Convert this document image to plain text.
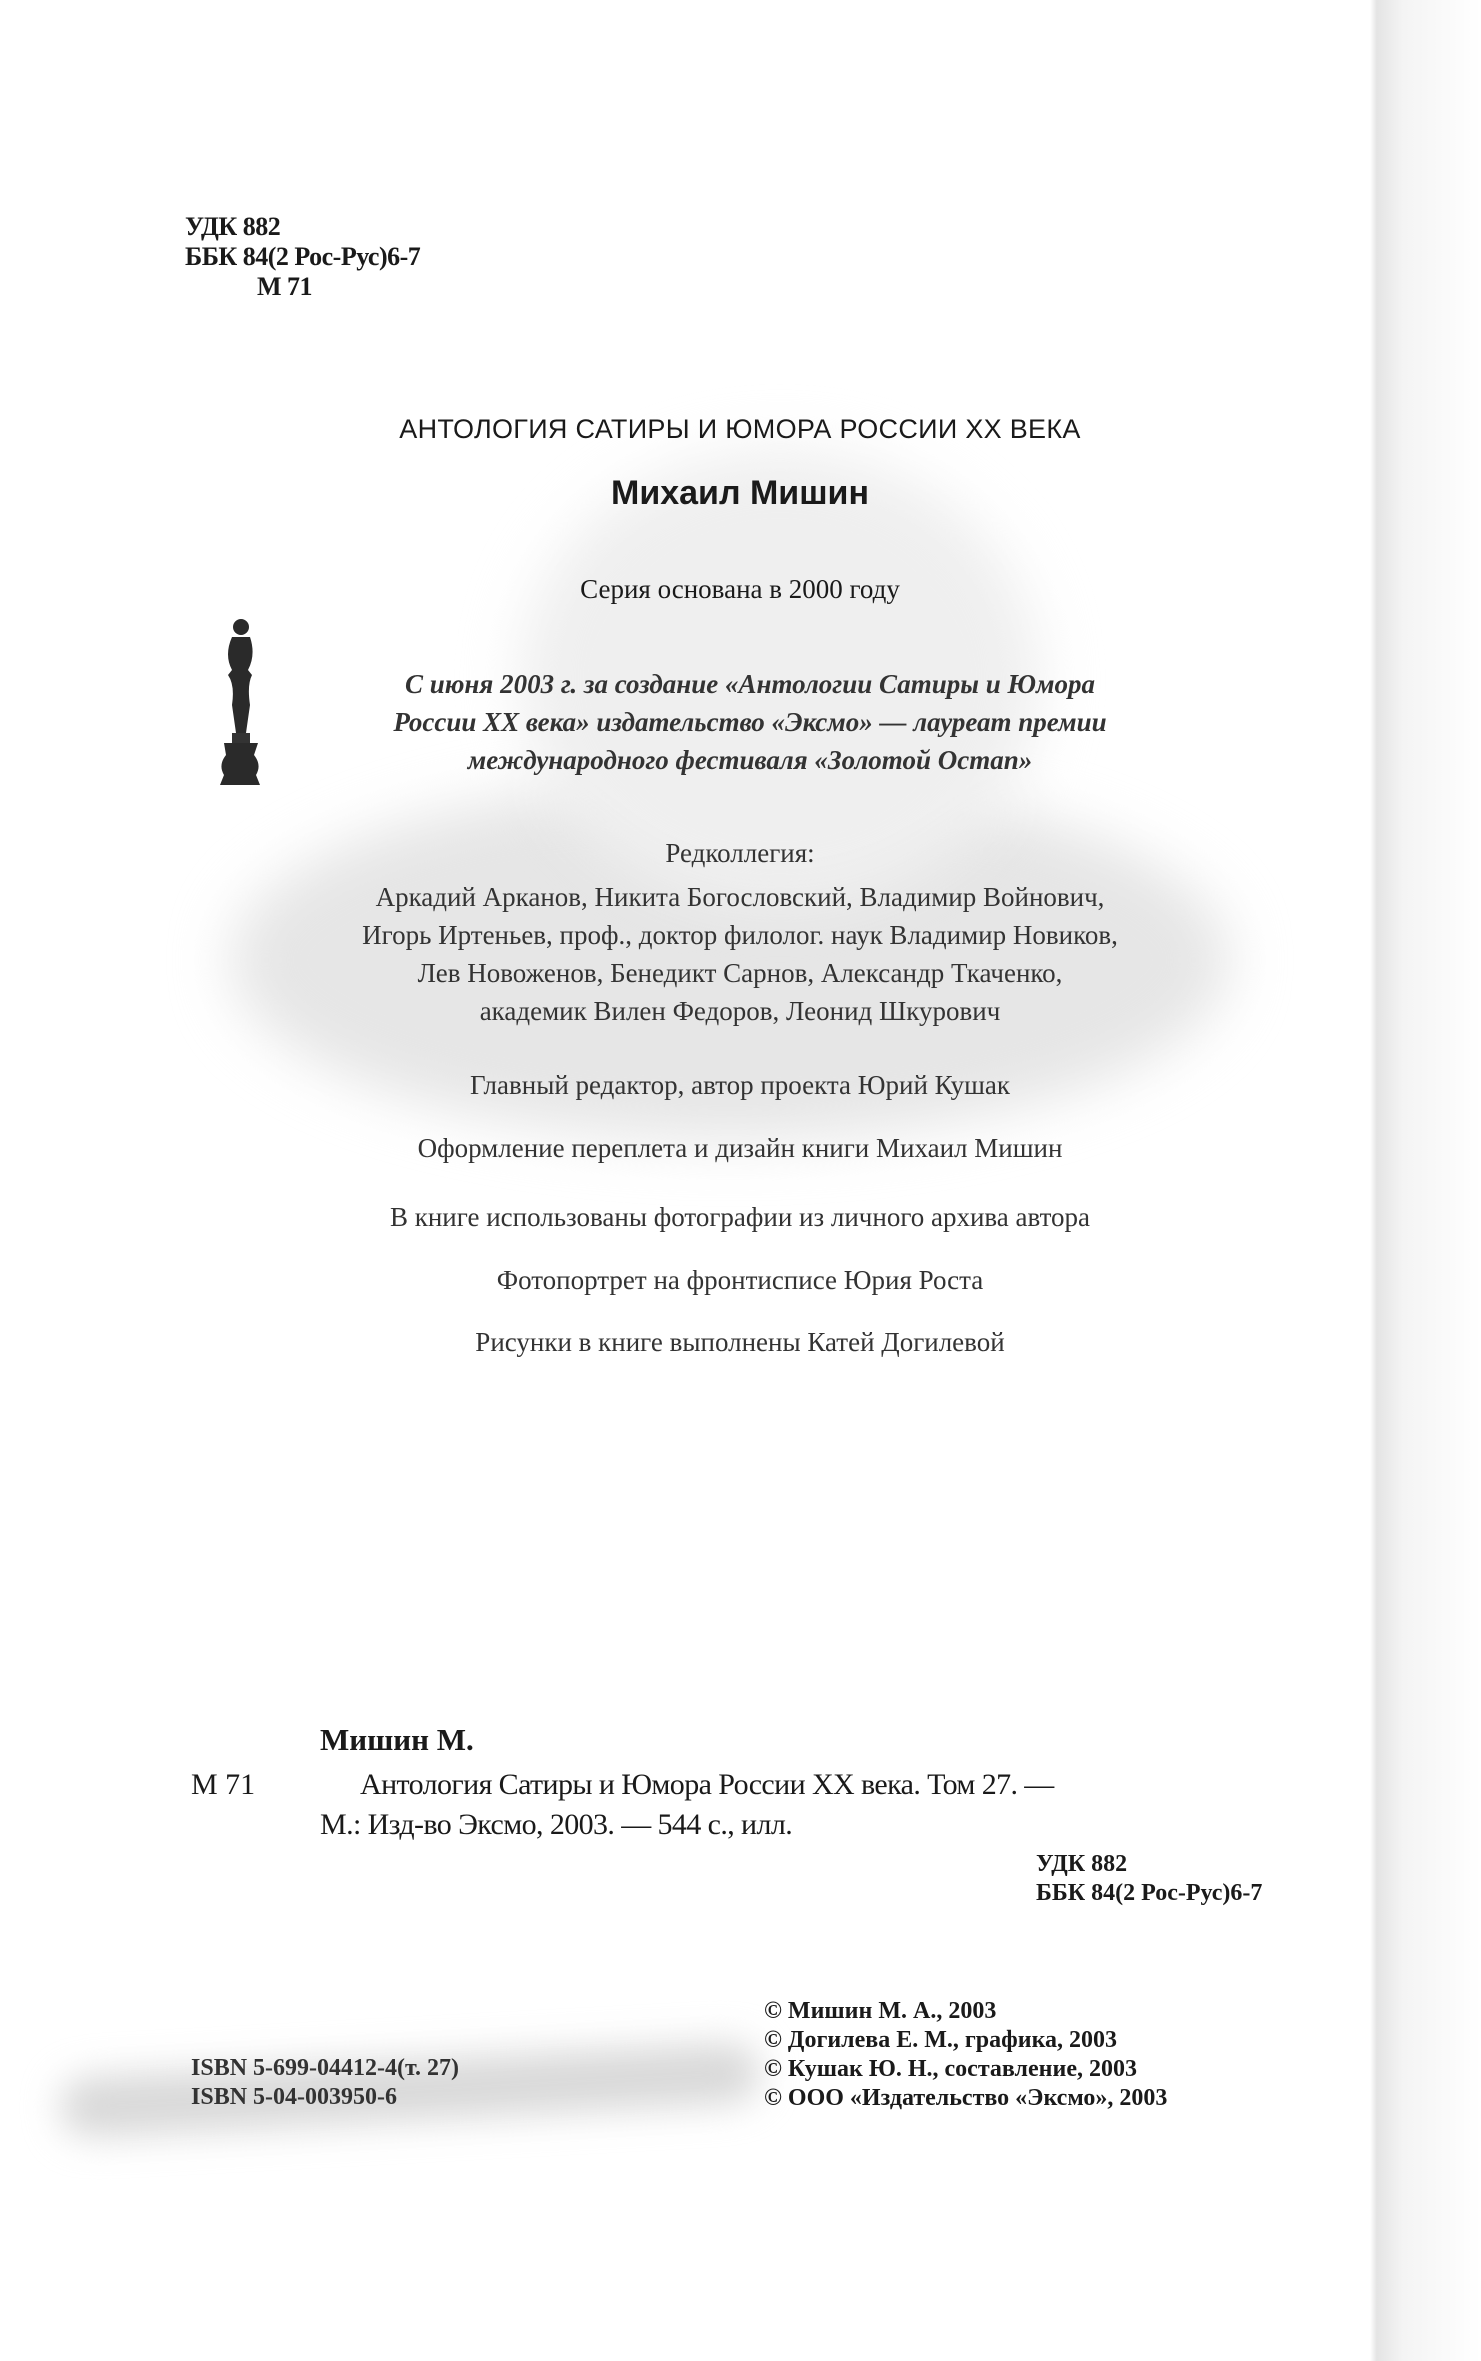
УДК 882
ББК 84(2 Рос-Рус)6-7
М 71
АНТОЛОГИЯ САТИРЫ И ЮМОРА РОССИИ XX ВЕКА
Михаил Мишин
Серия основана в 2000 году
С июня 2003 г. за создание «Антологии Сатиры и Юмора
России XX века» издательство «Эксмо» — лауреат премии
международного фестиваля «Золотой Остап»
Редколлегия:
Аркадий Арканов, Никита Богословский, Владимир Войнович,
Игорь Иртеньев, проф., доктор филолог. наук Владимир Новиков,
Лев Новоженов, Бенедикт Сарнов, Александр Ткаченко,
академик Вилен Федоров, Леонид Шкурович
Главный редактор, автор проекта Юрий Кушак
Оформление переплета и дизайн книги Михаил Мишин
В книге использованы фотографии из личного архива автора
Фотопортрет на фронтисписе Юрия Роста
Рисунки в книге выполнены Катей Догилевой
Мишин М.
М 71	Антология Сатиры и Юмора России XX века. Том 27. —
М.: Изд-во Эксмо, 2003. — 544 с., илл.
УДК 882
ББК 84(2 Рос-Рус)6-7
ISBN 5-699-04412-4(т. 27)
ISBN 5-04-003950-6
© Мишин М. А., 2003
© Догилева Е. М., графика, 2003
© Кушак Ю. Н., составление, 2003
© ООО «Издательство «Эксмо», 2003
